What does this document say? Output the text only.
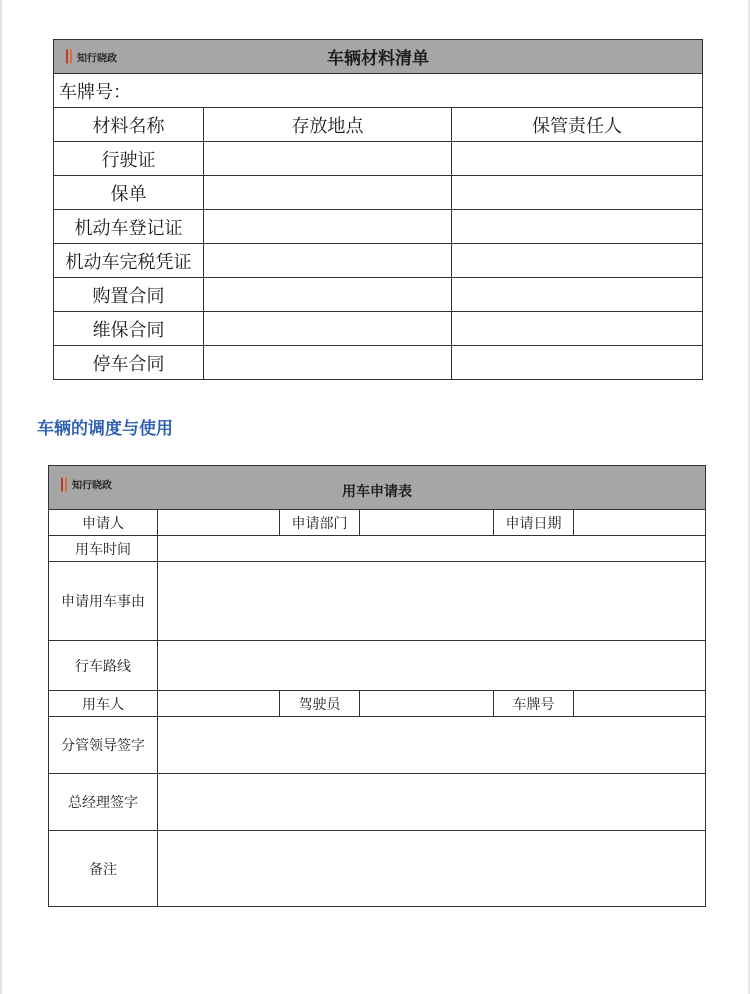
知行晓政 车辆材料清单		
车牌号：		
材料名称	存放地点	保管责任人
行驶证		
保单		
机动车登记证		
机动车完税凭证		
购置合同		
维保合同		
停车合同		
车辆的调度与使用
知行晓政 用车申请表					
申请人		申请部门		申请日期	
用车时间					
申请用车事由					
行车路线					
用车人		驾驶员		车牌号	
分管领导签字					
总经理签字					
备注					
